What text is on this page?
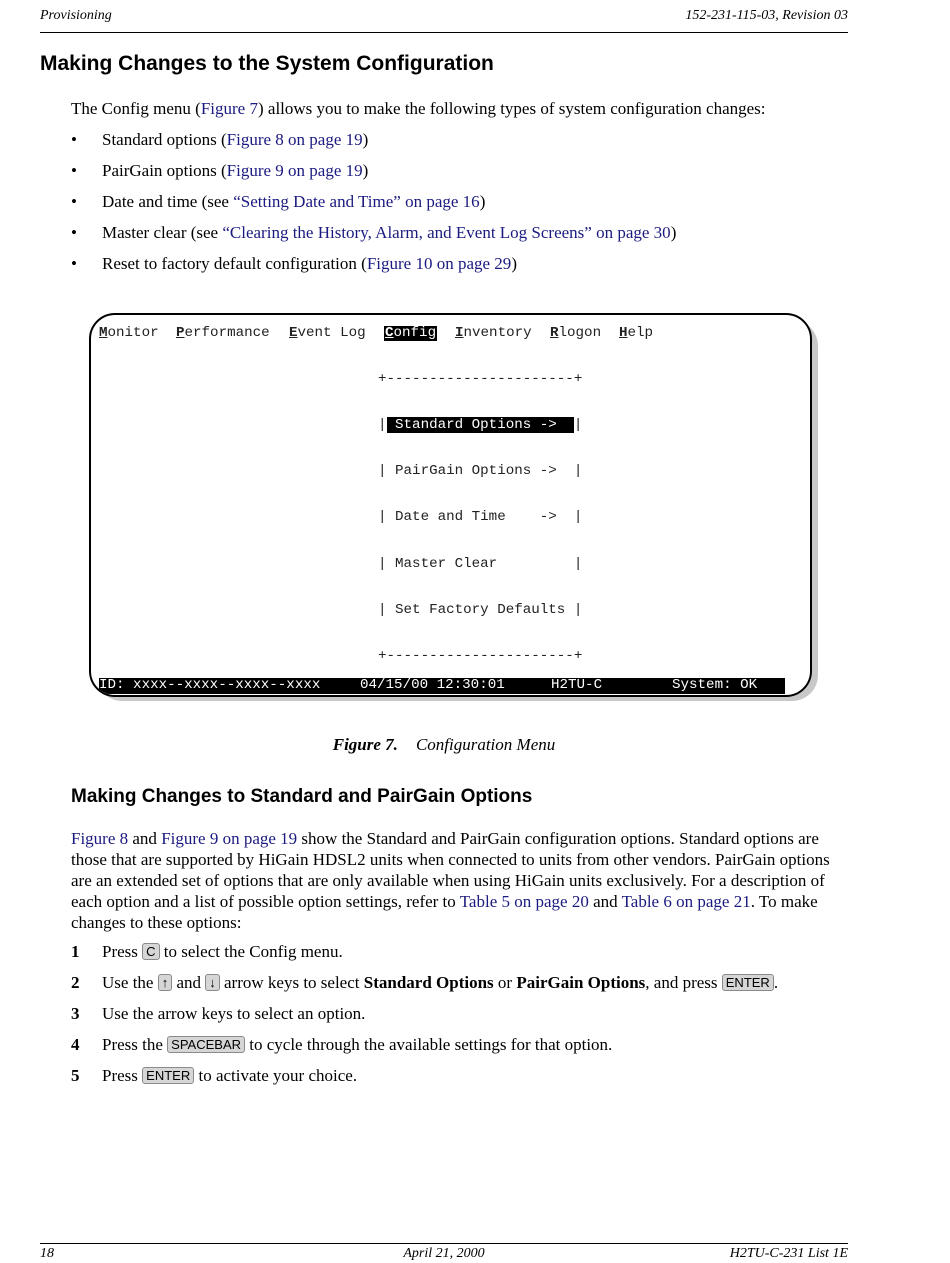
Provisioning	152-231-115-03, Revision 03
Making Changes to the System Configuration

The Config menu (Figure 7) allows you to make the following types of system configuration changes:

•	Standard options (Figure 8 on page 19)
•	PairGain options (Figure 9 on page 19)
•	Date and time (see “Setting Date and Time” on page 16)
•	Master clear (see “Clearing the History, Alarm, and Event Log Screens” on page 30)
•	Reset to factory default configuration (Figure 10 on page 29)

Monitor

Performance

Event Log

Config

Inventory

Rlogon

Help

+----------------------+

| Standard Options ->  |

| PairGain Options ->  |

| Date and Time    ->  |

| Master Clear         |

| Set Factory Defaults |

+----------------------+

ID: xxxx--xxxx--xxxx--xxxx

	04/15/00 12:30:01

	H2TU-C

	System: OK

Figure 7. Configuration Menu
Making Changes to Standard and PairGain Options

Figure 8 and Figure 9 on page 19 show the Standard and PairGain configuration options. Standard options are those that are supported by HiGain HDSL2 units when connected to units from other vendors. PairGain options are an extended set of options that are only available when using HiGain units exclusively. For a description of each option and a list of possible option settings, refer to Table 5 on page 20 and Table 6 on page 21. To make changes to these options:

1 Press C to select the Config menu.
2 Use the ↑ and ↓ arrow keys to select Standard Options or PairGain Options, and press ENTER .
3 Use the arrow keys to select an option.
4 Press the SPACEBAR to cycle through the available settings for that option.
5 Press ENTER to activate your choice.
18	April 21, 2000	H2TU-C-231 List 1E
